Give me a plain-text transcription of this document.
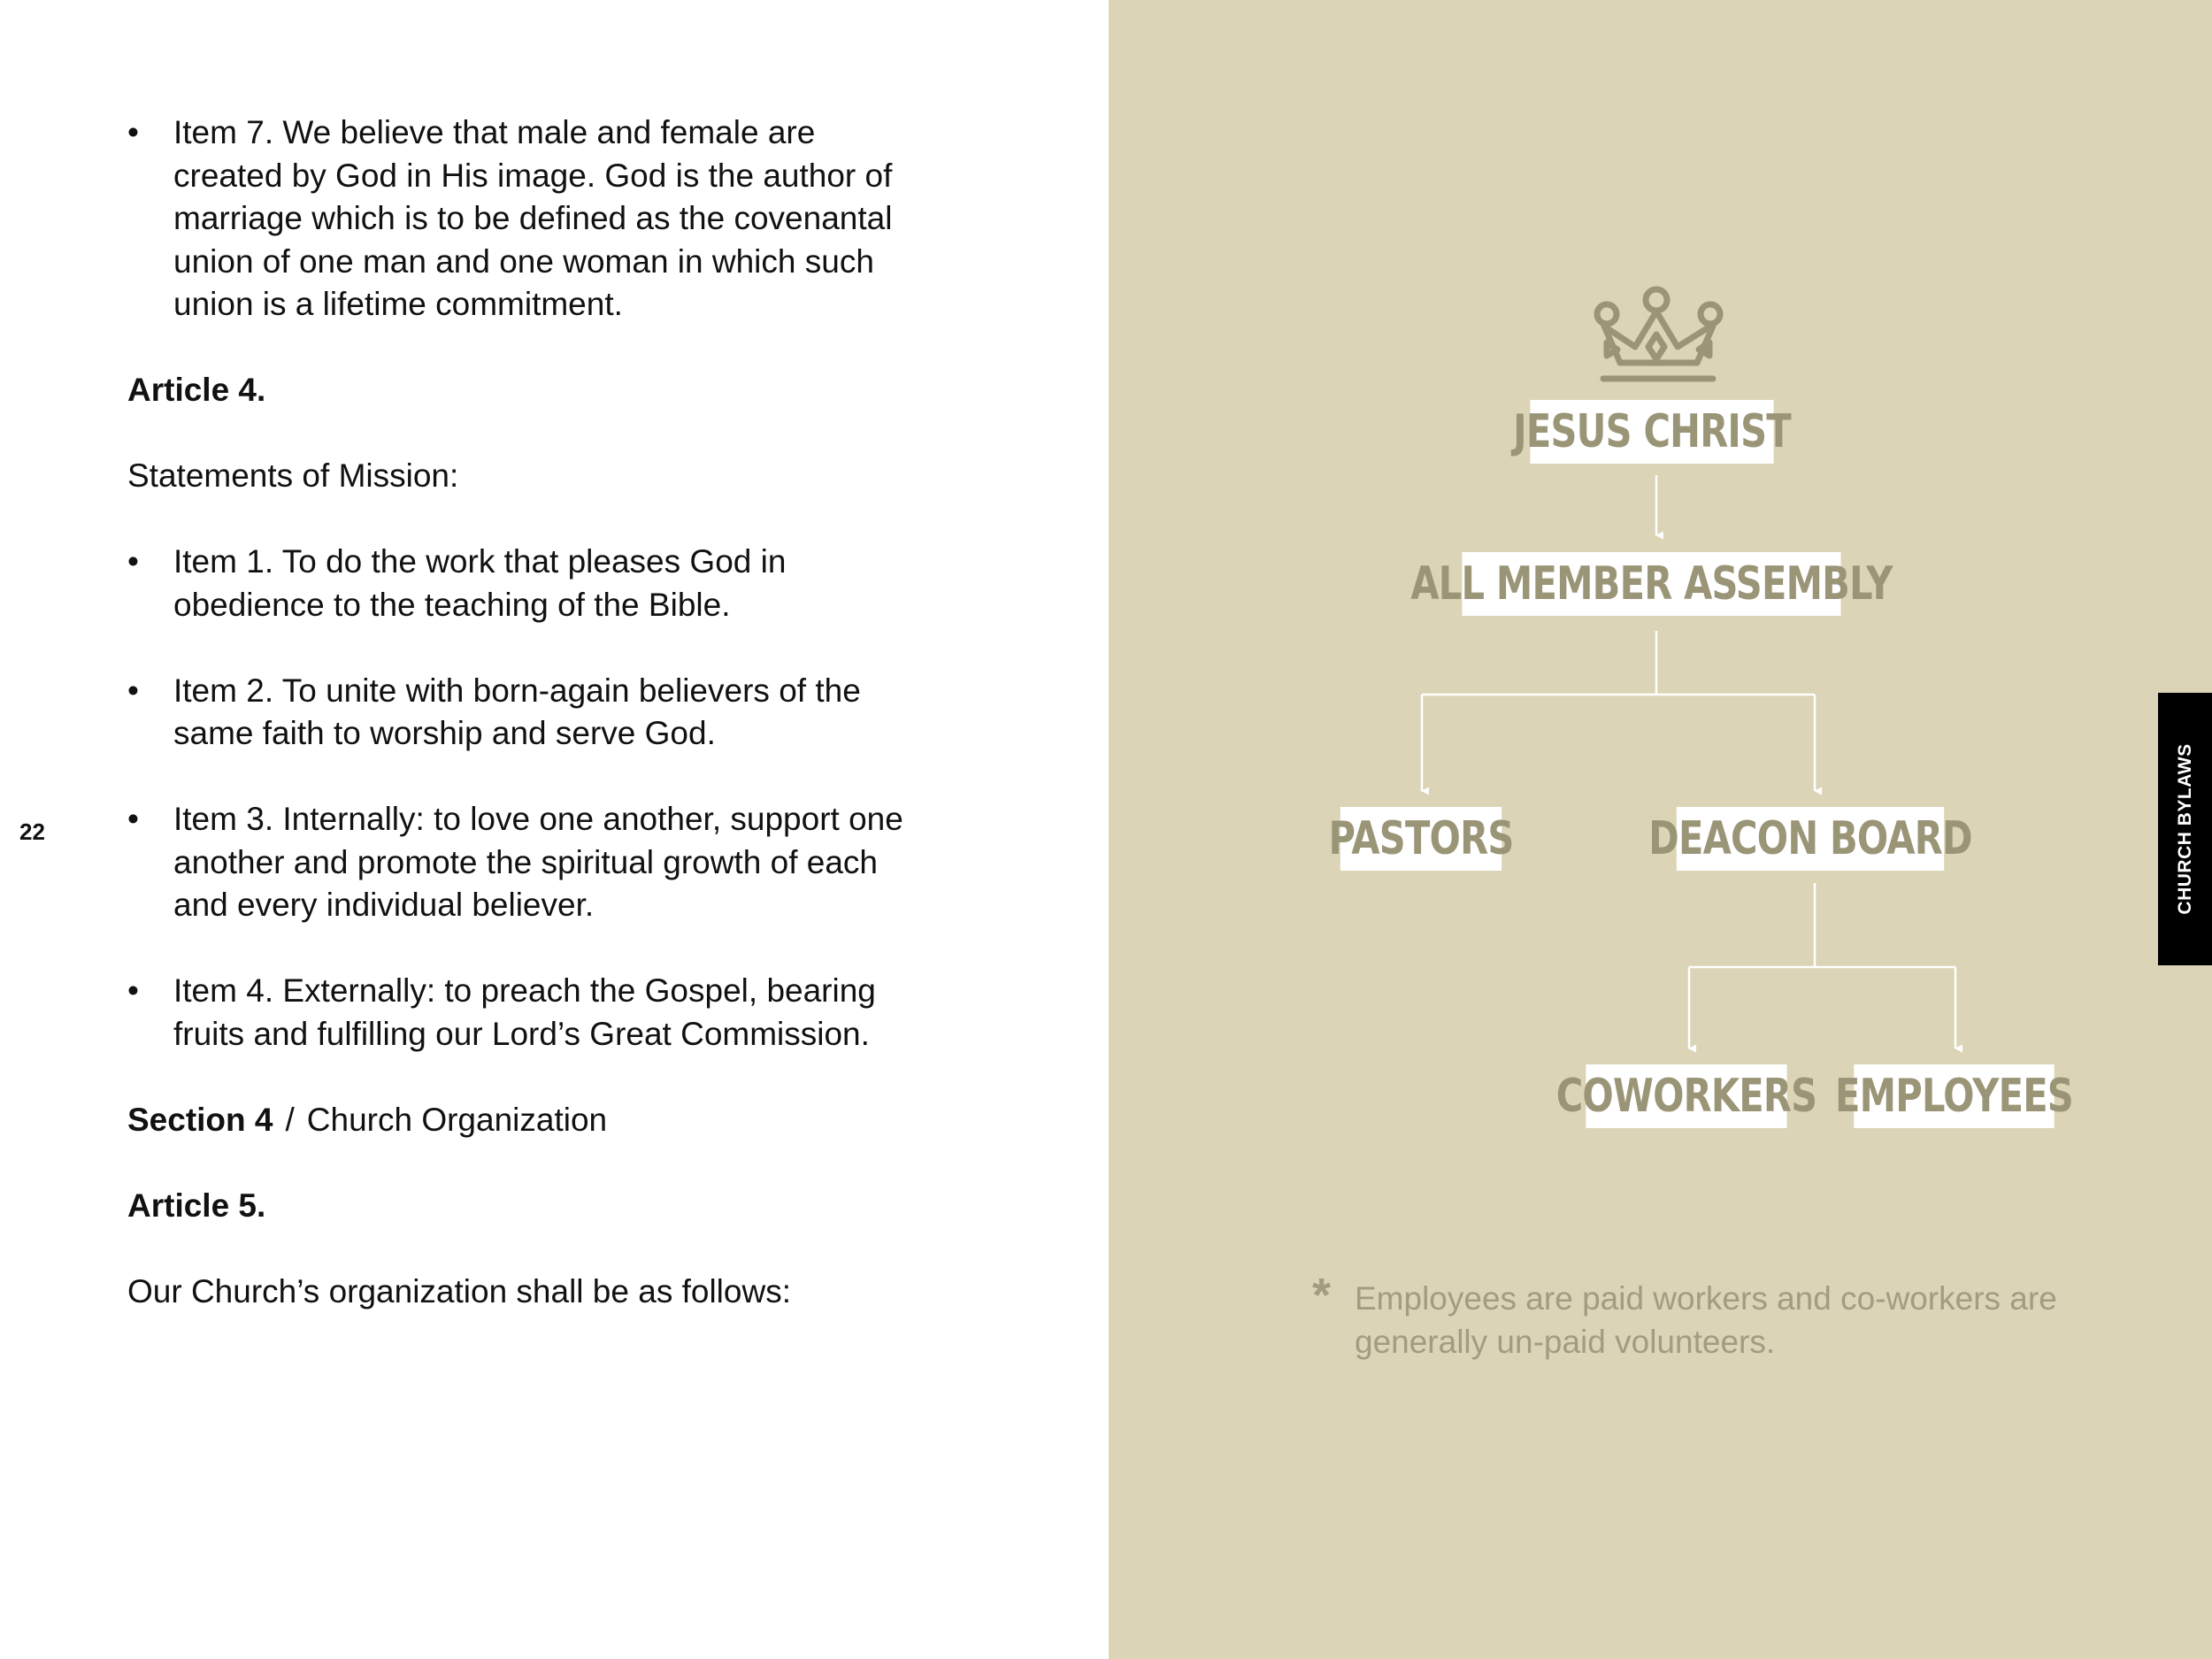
• Item 7. We believe that male and female are created by God in His image. God is the author of marriage which is to be defined as the covenantal union of one man and one woman in which such union is a lifetime commitment.

Article 4.

Statements of Mission:

• Item 1. To do the work that pleases God in obedience to the teaching of the Bible.

• Item 2. To unite with born-again believers of the same faith to worship and serve God.

• Item 3. Internally: to love one another, support one another and promote the spiritual growth of each and every individual believer.

• Item 4. Externally: to preach the Gospel, bearing fruits and fulfilling our Lord’s Great Commission.

Section 4 / Church Organization

Article 5.

Our Church’s organization shall be as follows:

22
JESUS CHRIST
ALL MEMBER ASSEMBLY
PASTORS	DEACON BOARD
COWORKERS EMPLOYEES
* Employees are paid workers and co-workers are generally un-paid volunteers.
CHURCH BYLAWS
